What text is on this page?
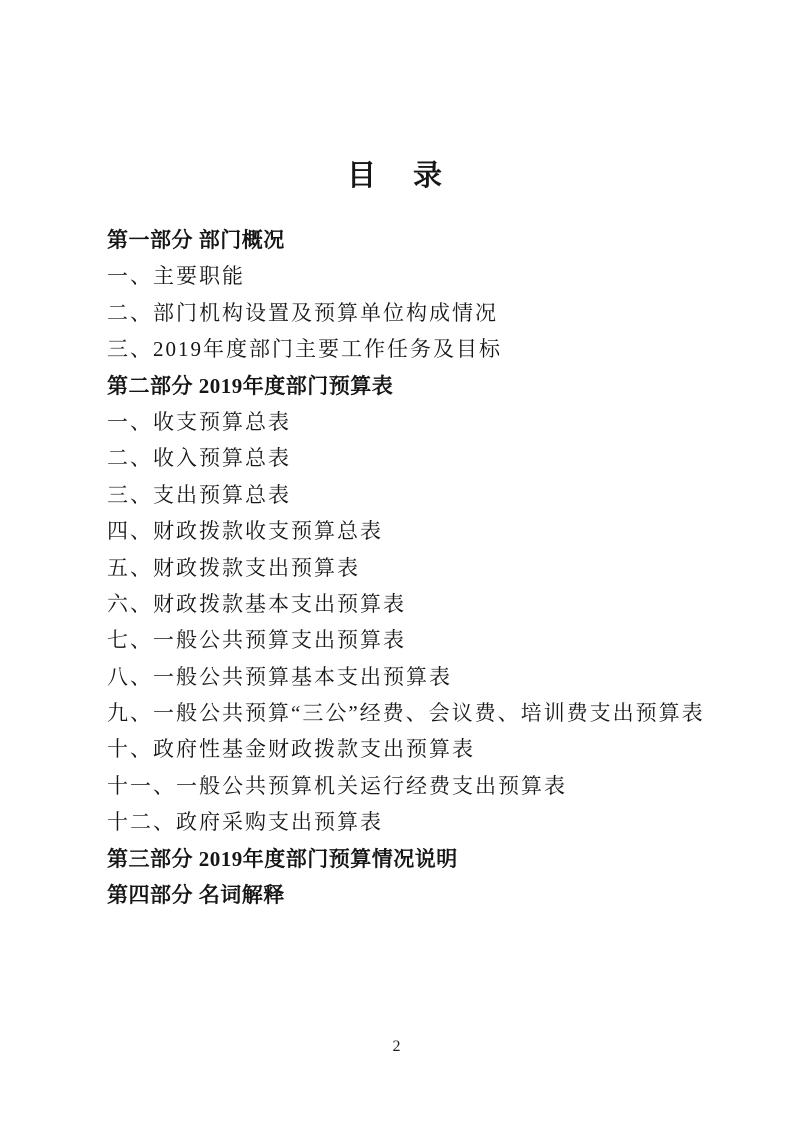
目　录
第一部分 部门概况
一、主要职能
二、部门机构设置及预算单位构成情况
三、2019年度部门主要工作任务及目标
第二部分 2019年度部门预算表
一、收支预算总表
二、收入预算总表
三、支出预算总表
四、财政拨款收支预算总表
五、财政拨款支出预算表
六、财政拨款基本支出预算表
七、一般公共预算支出预算表
八、一般公共预算基本支出预算表
九、一般公共预算“三公”经费、会议费、培训费支出预算表
十、政府性基金财政拨款支出预算表
十一、一般公共预算机关运行经费支出预算表
十二、政府采购支出预算表
第三部分 2019年度部门预算情况说明
第四部分 名词解释
2
